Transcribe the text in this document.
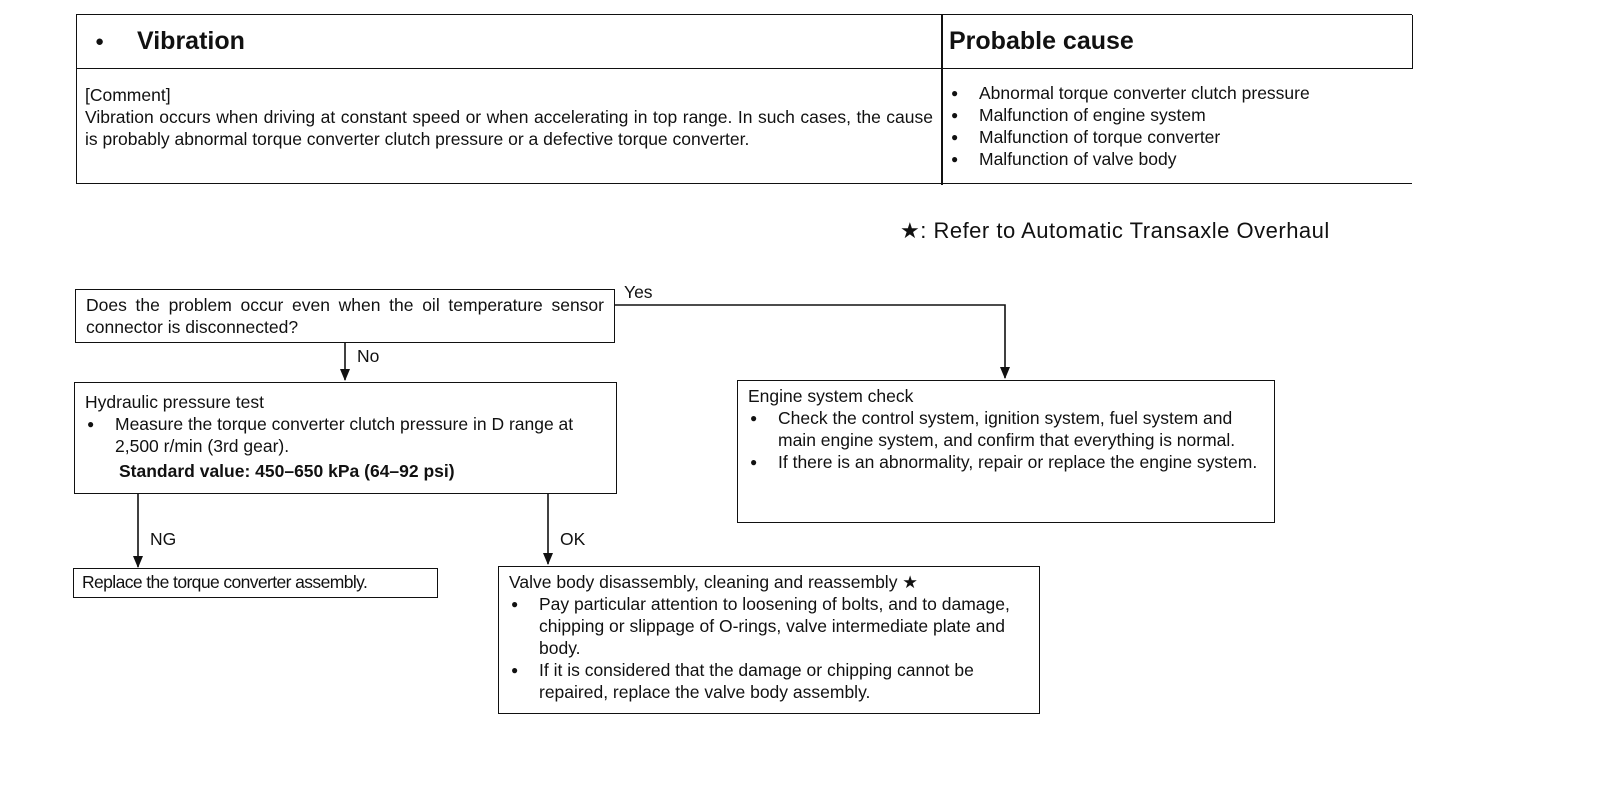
● Vibration	Probable cause
[Comment]
Vibration occurs when driving at constant speed or when accelerating in top range. In such cases, the cause is probably abnormal torque converter clutch pressure or a defective torque converter.
● Abnormal torque converter clutch pressure
● Malfunction of engine system
● Malfunction of torque converter
● Malfunction of valve body
★: Refer to Automatic Transaxle Overhaul
Yes
No
NG	OK
Does the problem occur even when the oil temperature sensor connector is disconnected?
Hydraulic pressure test
● Measure the torque converter clutch pressure in D range at 2,500 r/min (3rd gear).
Standard value: 450–650 kPa (64–92 psi)
Engine system check
● Check the control system, ignition system, fuel system and main engine system, and confirm that everything is normal.
● If there is an abnormality, repair or replace the engine system.
Replace the torque converter assembly.	Valve body disassembly, cleaning and reassembly ★
● Pay particular attention to loosening of bolts, and to damage, chipping or slippage of O-rings, valve intermediate plate and body.
● If it is considered that the damage or chipping cannot be repaired, replace the valve body assembly.
